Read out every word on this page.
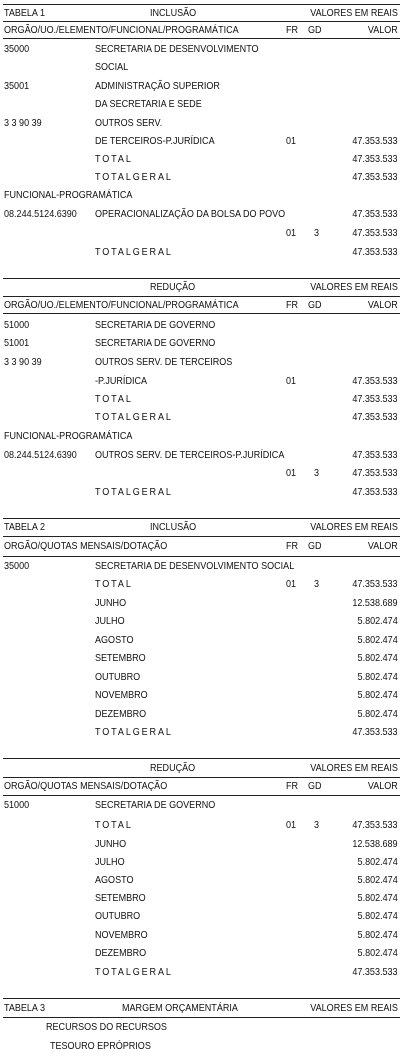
TABELA 1	INCLUSÃO	VALORES EM REAIS
ORGÃO/UO./ELEMENTO/FUNCIONAL/PROGRAMÁTICA	FR GD	VALOR
35000	SECRETARIA DE DESENVOLVIMENTO
SOCIAL
35001	ADMINISTRAÇÃO SUPERIOR
DA SECRETARIA E SEDE
3 3 90 39	OUTROS SERV.
DE TERCEIROS-P.JURÍDICA	01	47.353.533
TOTAL	47.353.533
TOTALGERAL	47.353.533
FUNCIONAL-PROGRAMÁTICA
08.244.5124.6390 OPERACIONALIZAÇÃO DA BOLSA DO POVO	47.353.533
01 3	47.353.533
TOTALGERAL	47.353.533
REDUÇÃO	VALORES EM REAIS
ORGÃO/UO./ELEMENTO/FUNCIONAL/PROGRAMÁTICA	FR GD	VALOR
51000	SECRETARIA DE GOVERNO
51001	SECRETARIA DE GOVERNO
3 3 90 39	OUTROS SERV. DE TERCEIROS
-P.JURÍDICA	01	47.353.533
TOTAL	47.353.533
TOTALGERAL	47.353.533
FUNCIONAL-PROGRAMÁTICA
08.244.5124.6390 OUTROS SERV. DE TERCEIROS-P.JURÍDICA	47.353.533
01 3	47.353.533
TOTALGERAL	47.353.533
TABELA 2	INCLUSÃO	VALORES EM REAIS
ORGÃO/QUOTAS MENSAIS/DOTAÇÃO	FR GD	VALOR
35000	SECRETARIA DE DESENVOLVIMENTO SOCIAL
TOTAL	01 3	47.353.533
JUNHO	12.538.689
JULHO	5.802.474
AGOSTO	5.802.474
SETEMBRO	5.802.474
OUTUBRO	5.802.474
NOVEMBRO	5.802.474
DEZEMBRO	5.802.474
TOTALGERAL	47.353.533
REDUÇÃO	VALORES EM REAIS
ORGÃO/QUOTAS MENSAIS/DOTAÇÃO	FR GD	VALOR
51000	SECRETARIA DE GOVERNO
TOTAL	01 3	47.353.533
JUNHO	12.538.689
JULHO	5.802.474
AGOSTO	5.802.474
SETEMBRO	5.802.474
OUTUBRO	5.802.474
NOVEMBRO	5.802.474
DEZEMBRO	5.802.474
TOTALGERAL	47.353.533
TABELA 3	MARGEM ORÇAMENTÁRIA	VALORES EM REAIS
RECURSOS DO RECURSOS
TESOURO EPRÓPRIOS
